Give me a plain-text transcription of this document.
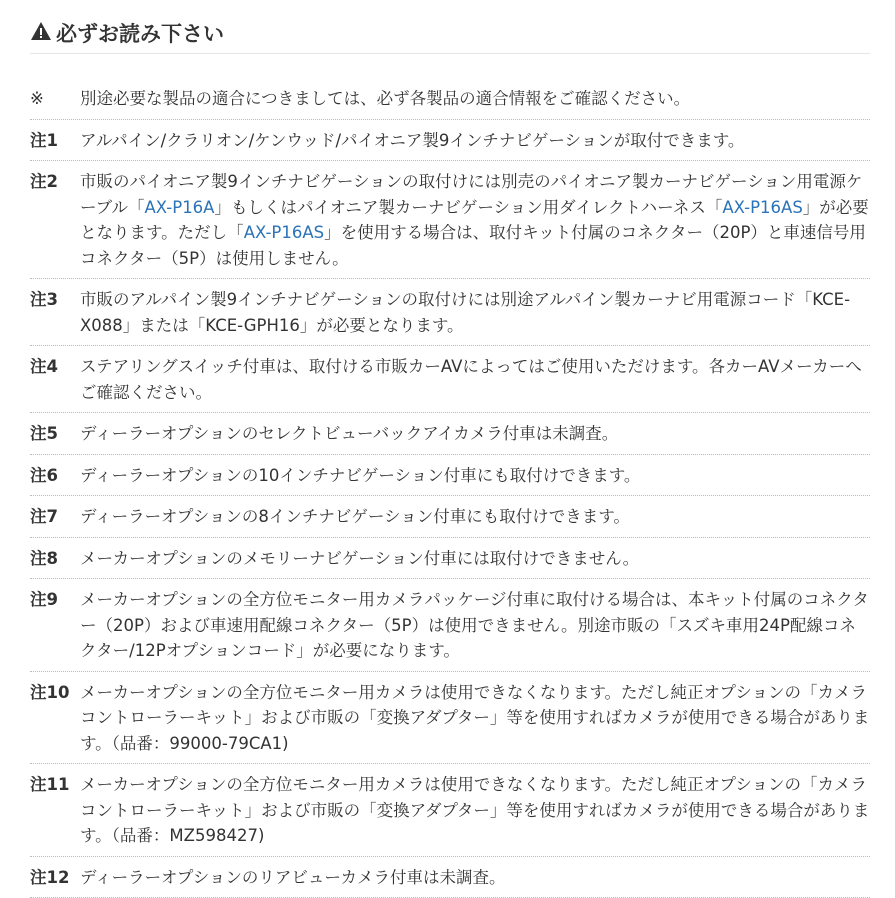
必ずお読み下さい
※	別途必要な製品の適合につきましては、必ず各製品の適合情報をご確認ください。
注1	アルパイン/クラリオン/ケンウッド/パイオニア製9インチナビゲーションが取付できます。
注2	市販のパイオニア製9インチナビゲーションの取付けには別売のパイオニア製カーナビゲーション用電源ケーブル「AX-P16A」もしくはパイオニア製カーナビゲーション用ダイレクトハーネス「AX-P16AS」が必要となります。ただし「AX-P16AS」を使用する場合は、取付キット付属のコネクター（20P）と車速信号用コネクター（5P）は使用しません。
注3	市販のアルパイン製9インチナビゲーションの取付けには別途アルパイン製カーナビ用電源コード「KCE-X088」または「KCE-GPH16」が必要となります。
注4	ステアリングスイッチ付車は、取付ける市販カーAVによってはご使用いただけます。各カーAVメーカーへご確認ください。
注5	ディーラーオプションのセレクトビューバックアイカメラ付車は未調査。
注6	ディーラーオプションの10インチナビゲーション付車にも取付けできます。
注7	ディーラーオプションの8インチナビゲーション付車にも取付けできます。
注8	メーカーオプションのメモリーナビゲーション付車には取付けできません。
注9	メーカーオプションの全方位モニター用カメラパッケージ付車に取付ける場合は、本キット付属のコネクター（20P）および車速用配線コネクター（5P）は使用できません。別途市販の「スズキ車用24P配線コネクター/12Pオプションコード」が必要になります。
注10 メーカーオプションの全方位モニター用カメラは使用できなくなります。ただし純正オプションの「カメラコントローラーキット」および市販の「変換アダプター」等を使用すればカメラが使用できる場合があります。（品番：99000-79CA1)
注11 メーカーオプションの全方位モニター用カメラは使用できなくなります。ただし純正オプションの「カメラコントローラーキット」および市販の「変換アダプター」等を使用すればカメラが使用できる場合があります。（品番：MZ598427)
注12 ディーラーオプションのリアビューカメラ付車は未調査。
